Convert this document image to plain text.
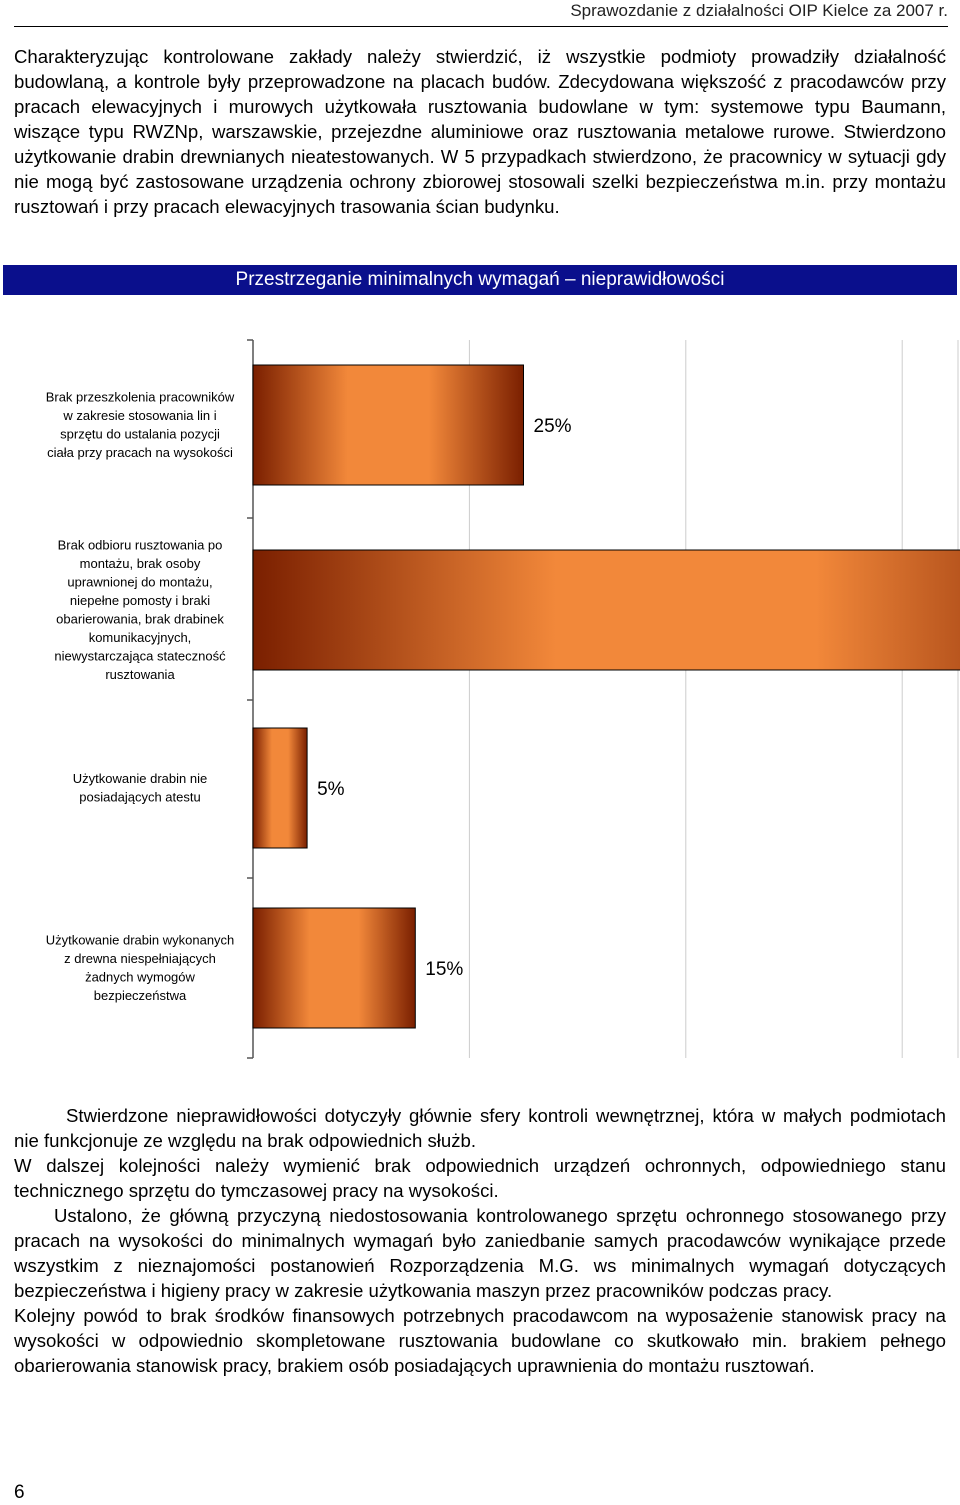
Sprawozdanie z działalności OIP Kielce za 2007 r.

Charakteryzując kontrolowane zakłady należy stwierdzić, iż wszystkie podmioty prowadziły działalność budowlaną, a kontrole były przeprowadzone na placach budów. Zdecydowana większość z pracodawców przy pracach elewacyjnych i murowych użytkowała rusztowania budowlane w tym: systemowe typu Baumann, wiszące typu RWZNp, warszawskie, przejezdne aluminiowe oraz rusztowania metalowe rurowe. Stwierdzono użytkowanie drabin drewnianych nieatestowanych. W 5 przypadkach stwierdzono, że pracownicy w sytuacji gdy nie mogą być zastosowane urządzenia ochrony zbiorowej stosowali szelki bezpieczeństwa m.in. przy montażu rusztowań i przy pracach elewacyjnych trasowania ścian budynku.

Przestrzeganie minimalnych wymagań – nieprawidłowości
25%
Brak przeszkolenia pracowników w zakresie stosowania lin i sprzętu do ustalania pozycji ciała przy pracach na wysokości
Brak odbioru rusztowania po montażu, brak osoby uprawnionej do montażu, niepełne pomosty i braki obarierowania, brak drabinek komunikacyjnych, niewystarczająca stateczność rusztowania
5%
Użytkowanie drabin nie posiadających atestu
15%
Użytkowanie drabin wykonanych z drewna niespełniających żadnych wymogów bezpieczeństwa

Stwierdzone nieprawidłowości dotyczyły głównie sfery kontroli wewnętrznej, która w małych podmiotach nie funkcjonuje ze względu na brak odpowiednich służb.

W dalszej kolejności należy wymienić brak odpowiednich urządzeń ochronnych, odpowiedniego stanu technicznego sprzętu do tymczasowej pracy na wysokości.

Ustalono, że główną przyczyną niedostosowania kontrolowanego sprzętu ochronnego stosowanego przy pracach na wysokości do minimalnych wymagań było zaniedbanie samych pracodawców wynikające przede wszystkim z nieznajomości postanowień Rozporządzenia M.G. ws minimalnych wymagań dotyczących bezpieczeństwa i higieny pracy w zakresie użytkowania maszyn przez pracowników podczas pracy.

Kolejny powód to brak środków finansowych potrzebnych pracodawcom na wyposażenie stanowisk pracy na wysokości w odpowiednio skompletowane rusztowania budowlane co skutkowało min. brakiem pełnego obarierowania stanowisk pracy, brakiem osób posiadających uprawnienia do montażu rusztowań.

6
